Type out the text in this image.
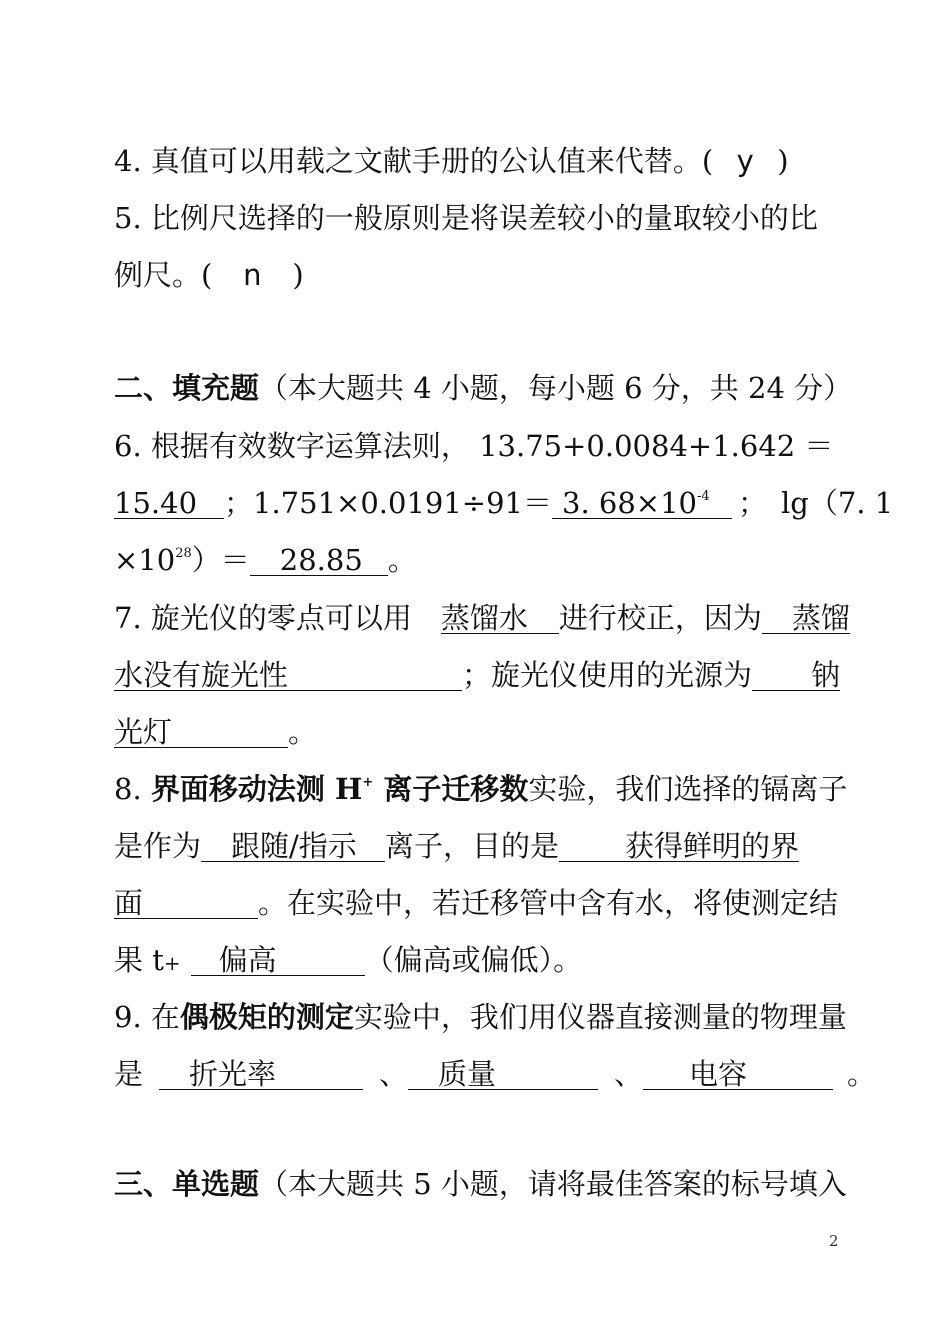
4. 真值可以用载之文献手册的公认值来代替。( y )
5. 比例尺选择的一般原则是将误差较小的量取较小的比
例尺。( n )
二、填充题（本大题共 4 小题，每小题 6 分，共 24 分）
6. 根据有效数字运算法则， 13.75+0.0084+1.642 ＝
15.40 ；1.751×0.0191÷91＝ 3. $68\times 10^{-4}$ ； lg（7. 1
$\times 10^{28})= 28.85$ 。
7. 旋光仪的零点可以用 蒸馏水 进行校正，因为 蒸馏
水没有旋光性	；旋光仪使用的光源为 钠
光灯	。
8. 界面移动法测 H+ 离子迁移数实验，我们选择的镉离子
是作为 跟随/指示 离子，目的是 获得鲜明的界
面	。在实验中，若迁移管中含有水，将使测定结
果 t+ 偏高	（偏高或偏低）。
9. 在偶极矩的测定实验中，我们用仪器直接测量的物理量
是 折光率	、 质量	、 电容	。
三、单选题（本大题共 5 小题，请将最佳答案的标号填入
2
